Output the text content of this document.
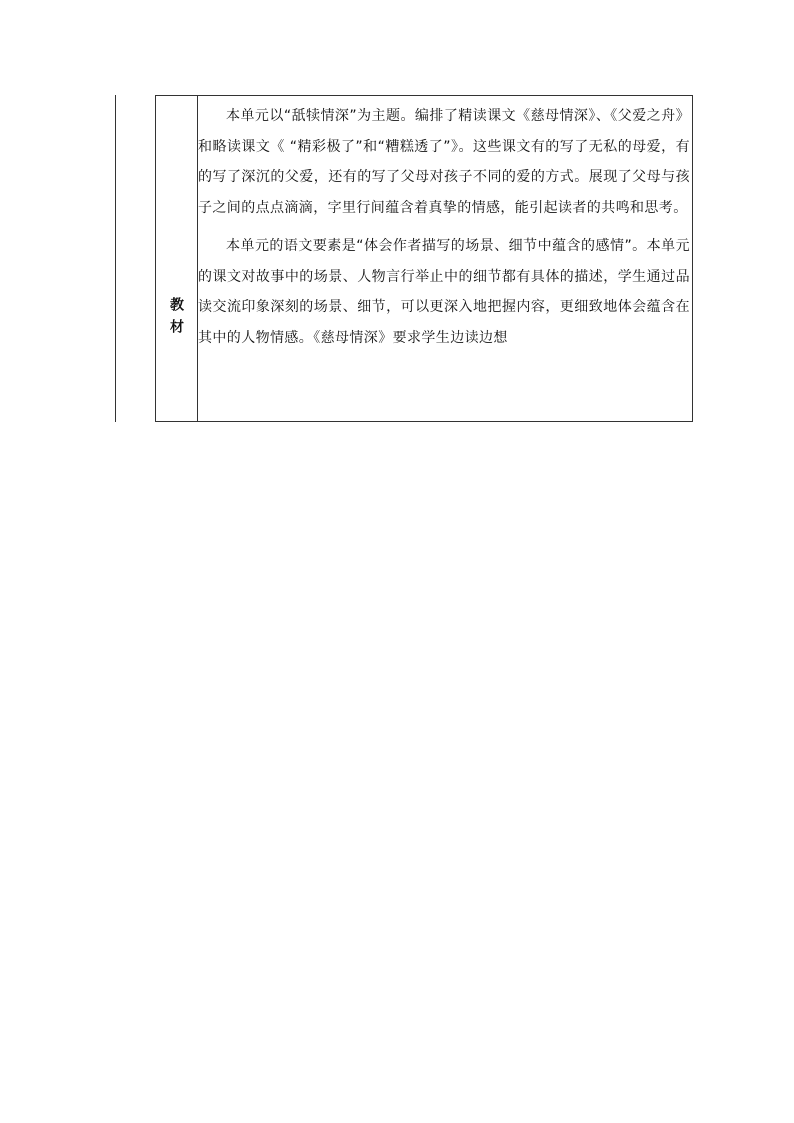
教材

本单元以“舐犊情深”为主题。编排了精读课文《慈母情深》、《父爱之舟》和略读课文《 “精彩极了”和“糟糕透了”》。这些课文有的写了无私的母爱，有的写了深沉的父爱，还有的写了父母对孩子不同的爱的方式。展现了父母与孩子之间的点点滴滴，字里行间蕴含着真挚的情感，能引起读者的共鸣和思考。

本单元的语文要素是“体会作者描写的场景、细节中蕴含的感情”。本单元的课文对故事中的场景、人物言行举止中的细节都有具体的描述，学生通过品读交流印象深刻的场景、细节，可以更深入地把握内容，更细致地体会蕴含在其中的人物情感。《慈母情深》要求学生边读边想
